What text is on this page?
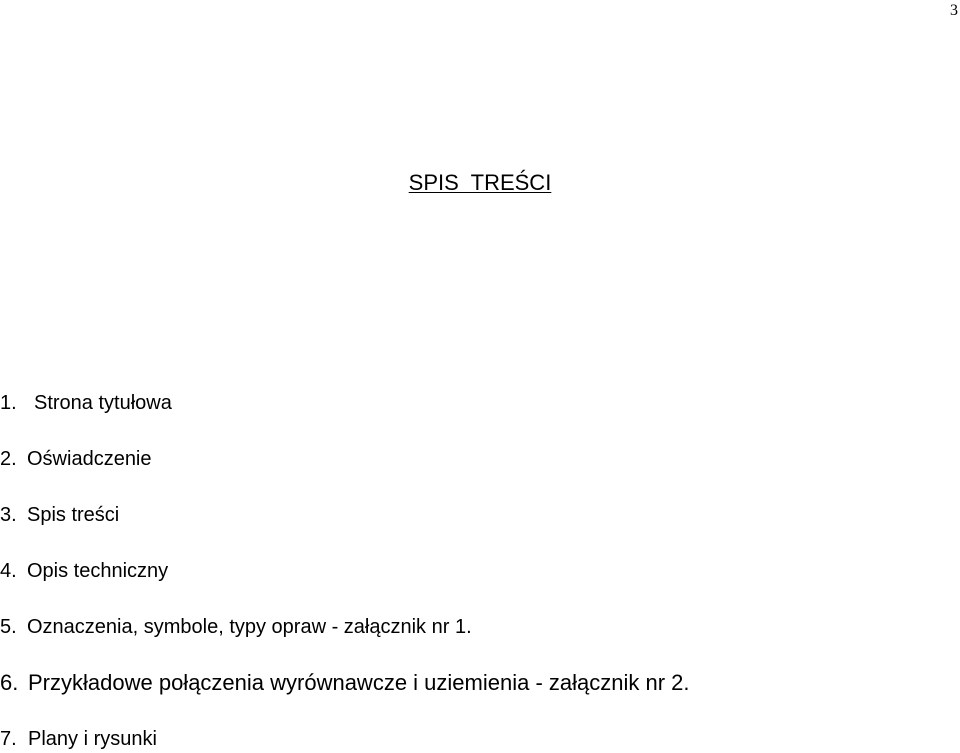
3
SPIS  TREŚCI
1. Strona tytułowa
2. Oświadczenie
3. Spis treści
4. Opis techniczny
5. Oznaczenia, symbole, typy opraw - załącznik nr 1.
6. Przykładowe połączenia wyrównawcze i uziemienia - załącznik nr 2.
7. Plany i rysunki
